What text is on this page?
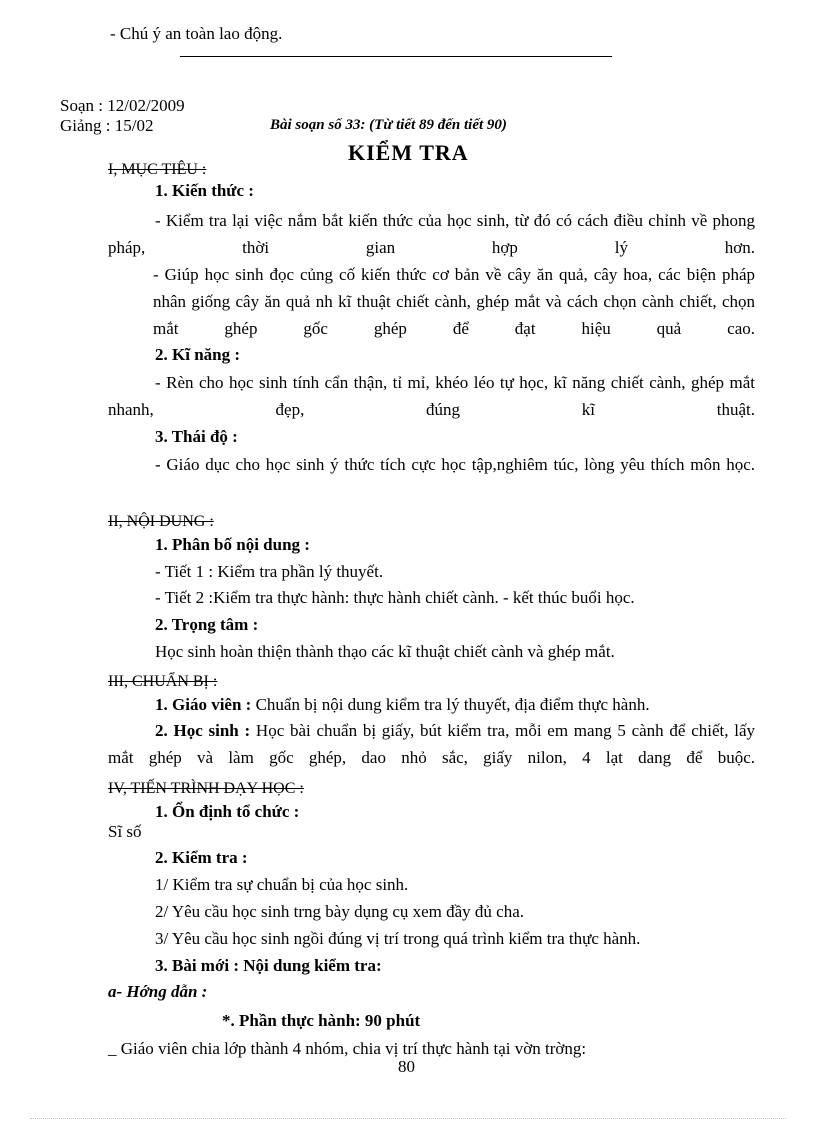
- Chú ý an toàn lao động.
Soạn : 12/02/2009
Giảng : 15/02	Bài soạn số 33: (Từ tiết 89 đến tiết 90)
KIỂM TRA
I, MỤC TIÊU :
1. Kiến thức :
- Kiểm tra lại việc nắm bắt kiến thức của học sinh, từ đó có cách điều chỉnh về phong pháp, thời gian hợp lý hơn.
- Giúp học sinh đọc củng cố kiến thức cơ bản về cây ăn quả, cây hoa, các biện pháp nhân giống cây ăn quả nh kĩ thuật chiết cành, ghép mắt và cách chọn cành chiết, chọn mắt ghép gốc ghép để đạt hiệu quả cao.
2. Kĩ năng :
- Rèn cho học sinh tính cẩn thận, tỉ mỉ, khéo léo tự học, kĩ năng chiết cành, ghép mắt nhanh, đẹp, đúng kĩ thuật.
3. Thái độ :
- Giáo dục cho học sinh ý thức tích cực học tập,nghiêm túc, lòng yêu thích môn học.
II, NỘI DUNG :
1. Phân bố nội dung :
- Tiết 1 : Kiểm tra phần lý thuyết.
- Tiết 2 :Kiểm tra thực hành: thực hành chiết cành. - kết thúc buổi học.
2. Trọng tâm :
Học sinh hoàn thiện thành thạo các kĩ thuật chiết cành và ghép mắt.
III, CHUẨN BỊ :
1. Giáo viên : Chuẩn bị nội dung kiểm tra lý thuyết, địa điểm thực hành.
2. Học sinh : Học bài chuẩn bị giấy, bút kiểm tra, mỗi em mang 5 cành để chiết, lấy mắt ghép và làm gốc ghép, dao nhỏ sắc, giấy nilon, 4 lạt dang để buộc.
IV, TIẾN TRÌNH DẠY HỌC :
1. Ổn định tổ chức :
Sĩ số
2. Kiểm tra :
1/ Kiểm tra sự chuẩn bị của học sinh.
2/ Yêu cầu học sinh trng bày dụng cụ xem đầy đủ cha.
3/ Yêu cầu học sinh ngồi đúng vị trí trong quá trình kiểm tra thực hành.
3. Bài mới : Nội dung kiểm tra:
a- Hớng dẫn :
*. Phần thực hành: 90 phút
_ Giáo viên chia lớp thành 4 nhóm, chia vị trí thực hành tại vờn trờng:
80
